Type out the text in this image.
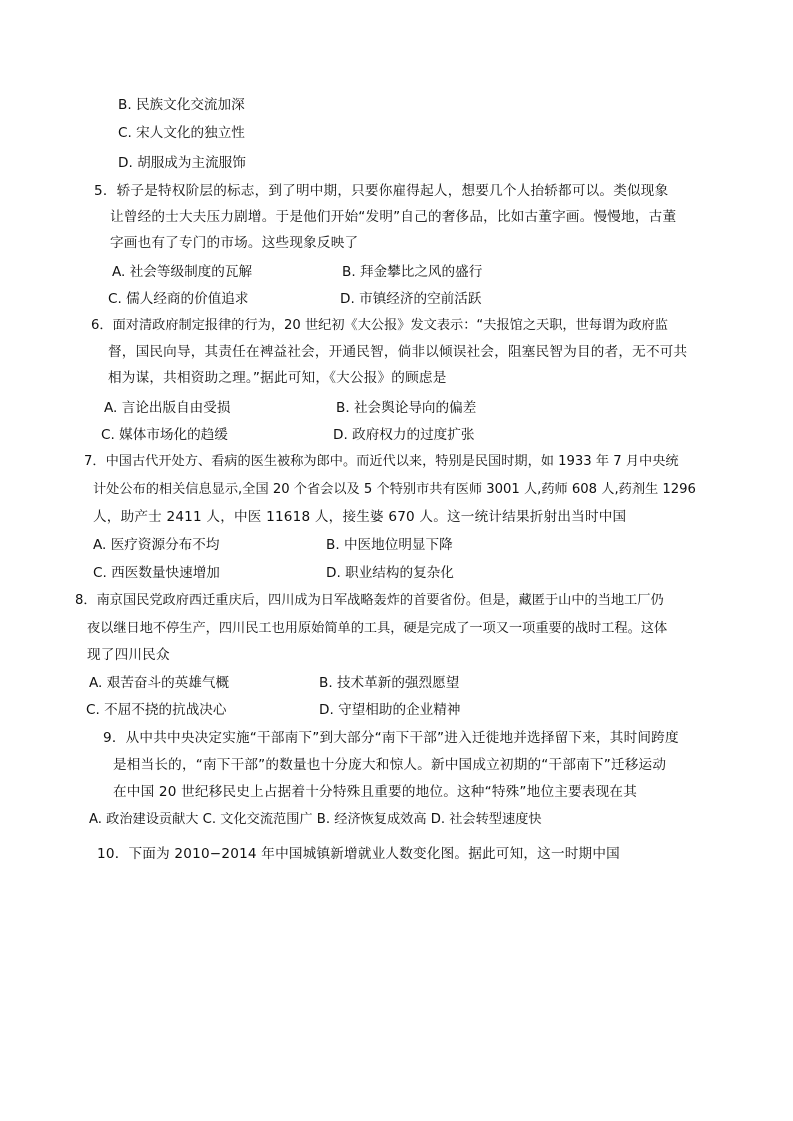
B. 民族文化交流加深
C. 宋人文化的独立性
D. 胡服成为主流服饰
5．轿子是特权阶层的标志，到了明中期，只要你雇得起人，想要几个人抬轿都可以。类似现象
让曾经的士大夫压力剧增。于是他们开始“发明”自己的奢侈品，比如古董字画。慢慢地，古董
字画也有了专门的市场。这些现象反映了
A. 社会等级制度的瓦解	B. 拜金攀比之风的盛行
C. 儒人经商的价值追求	D. 市镇经济的空前活跃
6．面对清政府制定报律的行为，20 世纪初《大公报》发文表示：“夫报馆之天职，世每谓为政府监
督，国民向导，其责任在裨益社会，开通民智，倘非以倾误社会，阻塞民智为目的者，无不可共
相为谋，共相资助之理。”据此可知，《大公报》的顾虑是
A. 言论出版自由受损	B. 社会舆论导向的偏差
C. 媒体市场化的趋缓	D. 政府权力的过度扩张
7．中国古代开处方、看病的医生被称为郎中。而近代以来，特别是民国时期，如 1933 年 7 月中央统
计处公布的相关信息显示,全国 20 个省会以及 5 个特别市共有医师 3001 人,药师 608 人,药剂生 1296
人，助产士 2411 人，中医 11618 人，接生婆 670 人。这一统计结果折射出当时中国
A. 医疗资源分布不均	B. 中医地位明显下降
C. 西医数量快速增加	D. 职业结构的复杂化
8．南京国民党政府西迁重庆后，四川成为日军战略轰炸的首要省份。但是，藏匿于山中的当地工厂仍
夜以继日地不停生产，四川民工也用原始简单的工具，硬是完成了一项又一项重要的战时工程。这体
现了四川民众
A. 艰苦奋斗的英雄气概	B. 技术革新的强烈愿望
C. 不屈不挠的抗战决心	D. 守望相助的企业精神
9．从中共中央决定实施“干部南下”到大部分“南下干部”进入迁徙地并选择留下来，其时间跨度
是相当长的，“南下干部”的数量也十分庞大和惊人。新中国成立初期的“干部南下”迁移运动
在中国 20 世纪移民史上占据着十分特殊且重要的地位。这种“特殊”地位主要表现在其
A. 政治建设贡献大 C. 文化交流范围广 B. 经济恢复成效高 D. 社会转型速度快
10．下面为 2010−2014 年中国城镇新增就业人数变化图。据此可知，这一时期中国
